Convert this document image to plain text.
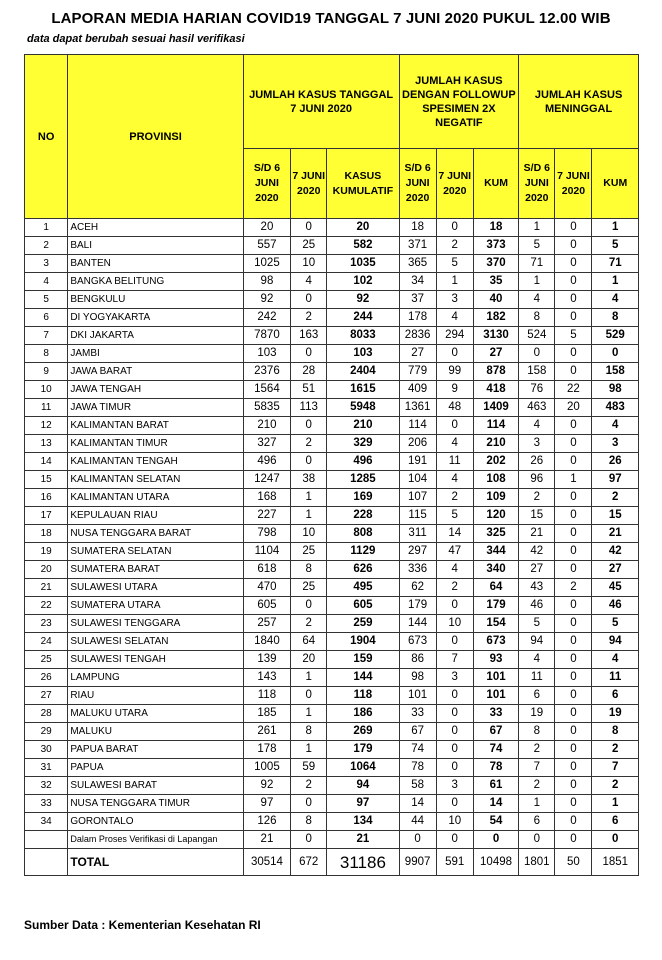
LAPORAN MEDIA HARIAN COVID19 TANGGAL 7 JUNI 2020 PUKUL 12.00 WIB
data dapat berubah sesuai hasil verifikasi
NO	PROVINSI	JUMLAH KASUS TANGGAL 7 JUNI 2020			JUMLAH KASUS DENGAN FOLLOWUP SPESIMEN 2X NEGATIF			JUMLAH KASUS MENINGGAL		
		S/D 6 JUNI 2020	7 JUNI 2020	KASUS KUMULATIF	S/D 6 JUNI 2020	7 JUNI 2020	KUM	S/D 6 JUNI 2020	7 JUNI 2020	KUM
1	ACEH	20	0	20	18	0	18	1	0	1
2	BALI	557	25	582	371	2	373	5	0	5
3	BANTEN	1025	10	1035	365	5	370	71	0	71
4	BANGKA BELITUNG	98	4	102	34	1	35	1	0	1
5	BENGKULU	92	0	92	37	3	40	4	0	4
6	DI YOGYAKARTA	242	2	244	178	4	182	8	0	8
7	DKI JAKARTA	7870	163	8033	2836	294	3130	524	5	529
8	JAMBI	103	0	103	27	0	27	0	0	0
9	JAWA BARAT	2376	28	2404	779	99	878	158	0	158
10	JAWA TENGAH	1564	51	1615	409	9	418	76	22	98
11	JAWA TIMUR	5835	113	5948	1361	48	1409	463	20	483
12	KALIMANTAN BARAT	210	0	210	114	0	114	4	0	4
13	KALIMANTAN TIMUR	327	2	329	206	4	210	3	0	3
14	KALIMANTAN TENGAH	496	0	496	191	11	202	26	0	26
15	KALIMANTAN SELATAN	1247	38	1285	104	4	108	96	1	97
16	KALIMANTAN UTARA	168	1	169	107	2	109	2	0	2
17	KEPULAUAN RIAU	227	1	228	115	5	120	15	0	15
18	NUSA TENGGARA BARAT	798	10	808	311	14	325	21	0	21
19	SUMATERA SELATAN	1104	25	1129	297	47	344	42	0	42
20	SUMATERA BARAT	618	8	626	336	4	340	27	0	27
21	SULAWESI UTARA	470	25	495	62	2	64	43	2	45
22	SUMATERA UTARA	605	0	605	179	0	179	46	0	46
23	SULAWESI TENGGARA	257	2	259	144	10	154	5	0	5
24	SULAWESI SELATAN	1840	64	1904	673	0	673	94	0	94
25	SULAWESI TENGAH	139	20	159	86	7	93	4	0	4
26	LAMPUNG	143	1	144	98	3	101	11	0	11
27	RIAU	118	0	118	101	0	101	6	0	6
28	MALUKU UTARA	185	1	186	33	0	33	19	0	19
29	MALUKU	261	8	269	67	0	67	8	0	8
30	PAPUA BARAT	178	1	179	74	0	74	2	0	2
31	PAPUA	1005	59	1064	78	0	78	7	0	7
32	SULAWESI BARAT	92	2	94	58	3	61	2	0	2
33	NUSA TENGGARA TIMUR	97	0	97	14	0	14	1	0	1
34	GORONTALO	126	8	134	44	10	54	6	0	6
	Dalam Proses Verifikasi di Lapangan	21	0	21	0	0	0	0	0	0
	TOTAL	30514	672	31186	9907	591	10498	1801	50	1851
Sumber Data : Kementerian Kesehatan RI
